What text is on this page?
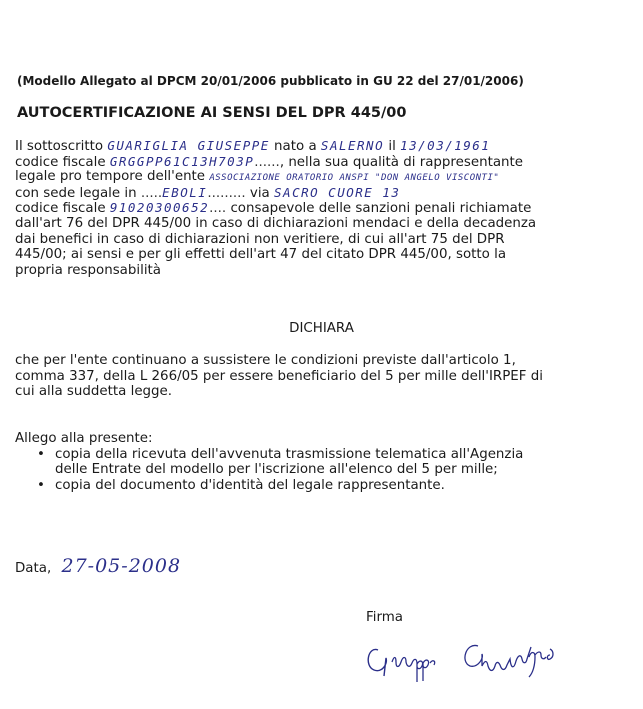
(Modello Allegato al DPCM 20/01/2006 pubblicato in GU 22 del 27/01/2006)
AUTOCERTIFICAZIONE AI SENSI DEL DPR 445/00
Il sottoscritto GUARIGLIA GIUSEPPE nato a SALERNO il 13/03/1961
codice fiscale GRGGPP61C13H703P......, nella sua qualità di rappresentante
legale pro tempore dell'ente ASSOCIAZIONE ORATORIO ANSPI "DON ANGELO VISCONTI"
con sede legale in .....EBOLI......... via SACRO CUORE 13
codice fiscale 91020300652.... consapevole delle sanzioni penali richiamate
dall'art 76 del DPR 445/00 in caso di dichiarazioni mendaci e della decadenza
dai benefici in caso di dichiarazioni non veritiere, di cui all'art 75 del DPR
445/00; ai sensi e per gli effetti dell'art 47 del citato DPR 445/00, sotto la
propria responsabilità
DICHIARA
che per l'ente continuano a sussistere le condizioni previste dall'articolo 1,
comma 337, della L 266/05 per essere beneficiario del 5 per mille dell'IRPEF di
cui alla suddetta legge.
Allego alla presente:
• copia della ricevuta dell'avvenuta trasmissione telematica all'Agenzia
delle Entrate del modello per l'iscrizione all'elenco del 5 per mille;
• copia del documento d'identità del legale rappresentante.
Data, 27-05-2008
Firma
